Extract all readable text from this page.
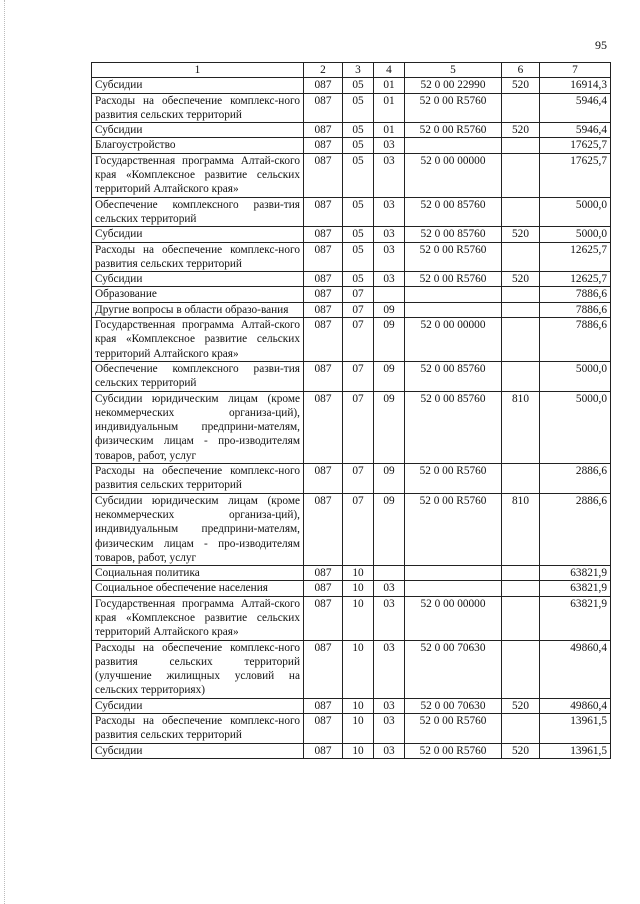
95
1	2	3	4	5	6	7
Субсидии	087	05	01	52 0 00 22990	520	16914,3
Расходы на обеспечение комплекс-ного развития сельских территорий	087	05	01	52 0 00 R5760		5946,4
Субсидии	087	05	01	52 0 00 R5760	520	5946,4
Благоустройство	087	05	03			17625,7
Государственная программа Алтай-ского края «Комплексное развитие сельских территорий Алтайского края»	087	05	03	52 0 00 00000		17625,7
Обеспечение комплексного разви-тия сельских территорий	087	05	03	52 0 00 85760		5000,0
Субсидии	087	05	03	52 0 00 85760	520	5000,0
Расходы на обеспечение комплекс-ного развития сельских территорий	087	05	03	52 0 00 R5760		12625,7
Субсидии	087	05	03	52 0 00 R5760	520	12625,7
Образование	087	07				7886,6
Другие вопросы в области образо-вания	087	07	09			7886,6
Государственная программа Алтай-ского края «Комплексное развитие сельских территорий Алтайского края»	087	07	09	52 0 00 00000		7886,6
Обеспечение комплексного разви-тия сельских территорий	087	07	09	52 0 00 85760		5000,0
Субсидии юридическим лицам (кроме некоммерческих организа-ций), индивидуальным предприни-мателям, физическим лицам - про-изводителям товаров, работ, услуг	087	07	09	52 0 00 85760	810	5000,0
Расходы на обеспечение комплекс-ного развития сельских территорий	087	07	09	52 0 00 R5760		2886,6
Субсидии юридическим лицам (кроме некоммерческих организа-ций), индивидуальным предприни-мателям, физическим лицам - про-изводителям товаров, работ, услуг	087	07	09	52 0 00 R5760	810	2886,6
Социальная политика	087	10				63821,9
Социальное обеспечение населения	087	10	03			63821,9
Государственная программа Алтай-ского края «Комплексное развитие сельских территорий Алтайского края»	087	10	03	52 0 00 00000		63821,9
Расходы на обеспечение комплекс-ного развития сельских территорий (улучшение жилищных условий на сельских территориях)	087	10	03	52 0 00 70630		49860,4
Субсидии	087	10	03	52 0 00 70630	520	49860,4
Расходы на обеспечение комплекс-ного развития сельских территорий	087	10	03	52 0 00 R5760		13961,5
Субсидии	087	10	03	52 0 00 R5760	520	13961,5
